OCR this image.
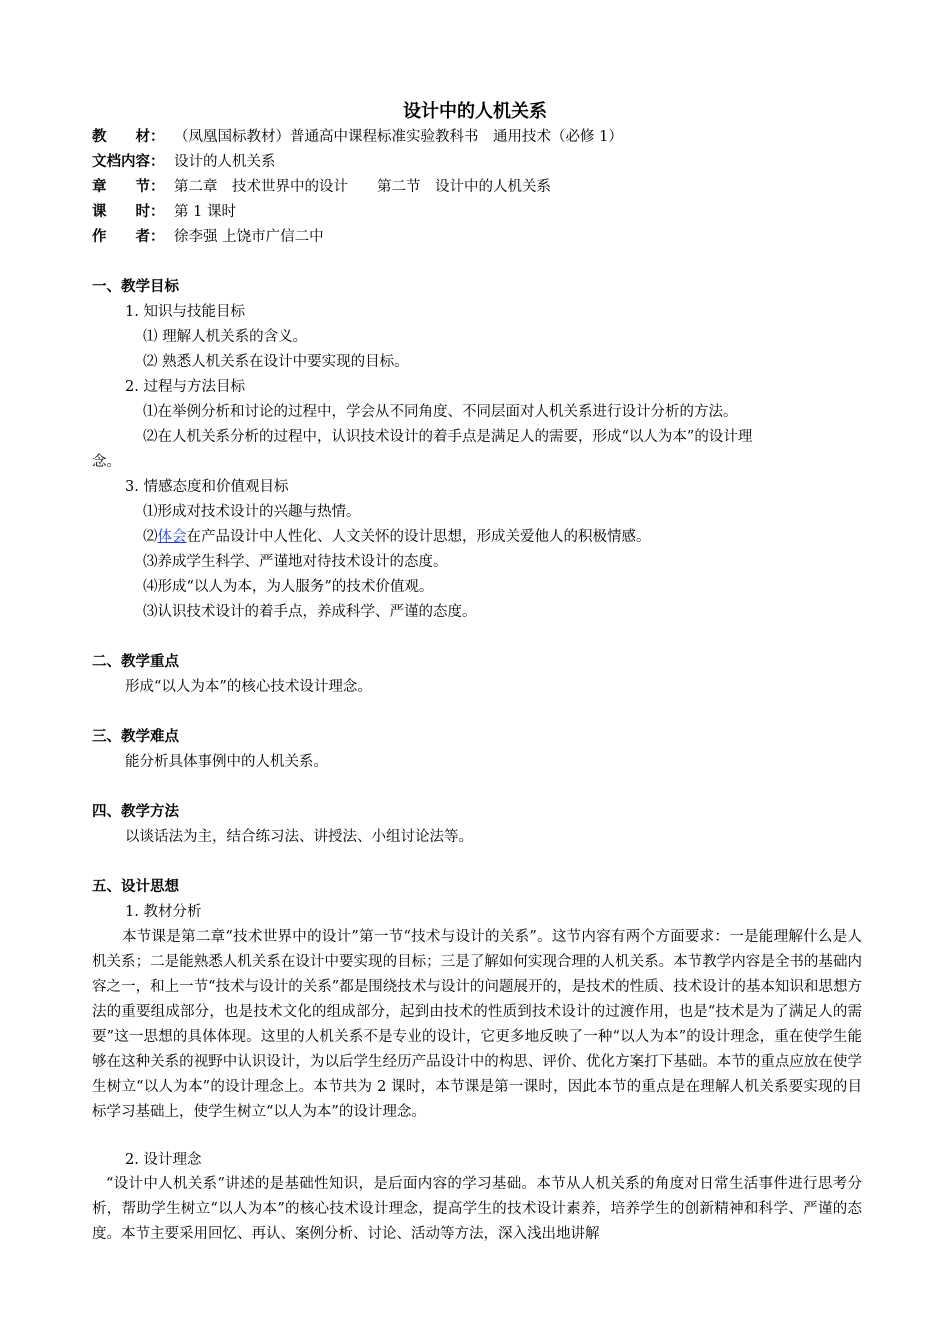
设计中的人机关系
教　　材： （凤凰国标教材）普通高中课程标准实验教科书　通用技术（必修 1）
文档内容： 设计的人机关系
章　　节： 第二章　技术世界中的设计　　第二节　设计中的人机关系
课　　时： 第 1 课时
作　　者： 徐李强 上饶市广信二中
一、教学目标
1. 知识与技能目标
⑴ 理解人机关系的含义。
⑵ 熟悉人机关系在设计中要实现的目标。
2. 过程与方法目标
⑴在举例分析和讨论的过程中，学会从不同角度、不同层面对人机关系进行设计分析的方法。
⑵在人机关系分析的过程中，认识技术设计的着手点是满足人的需要，形成“以人为本”的设计理
念。
3. 情感态度和价值观目标
⑴形成对技术设计的兴趣与热情。
⑵体会在产品设计中人性化、人文关怀的设计思想，形成关爱他人的积极情感。
⑶养成学生科学、严谨地对待技术设计的态度。
⑷形成“以人为本，为人服务”的技术价值观。
⑶认识技术设计的着手点，养成科学、严谨的态度。
二、教学重点
形成“以人为本”的核心技术设计理念。
三、教学难点
能分析具体事例中的人机关系。
四、教学方法
以谈话法为主，结合练习法、讲授法、小组讨论法等。
五、设计思想
1. 教材分析

本节课是第二章“技术世界中的设计”第一节“技术与设计的关系”。这节内容有两个方面要求：一是能理解什么是人机关系；二是能熟悉人机关系在设计中要实现的目标；三是了解如何实现合理的人机关系。本节教学内容是全书的基础内容之一，和上一节“技术与设计的关系”都是围绕技术与设计的问题展开的，是技术的性质、技术设计的基本知识和思想方法的重要组成部分，也是技术文化的组成部分，起到由技术的性质到技术设计的过渡作用，也是“技术是为了满足人的需要”这一思想的具体体现。这里的人机关系不是专业的设计，它更多地反映了一种“以人为本”的设计理念，重在使学生能够在这种关系的视野中认识设计，为以后学生经历产品设计中的构思、评价、优化方案打下基础。本节的重点应放在使学生树立“以人为本”的设计理念上。本节共为 2 课时，本节课是第一课时，因此本节的重点是在理解人机关系要实现的目标学习基础上，使学生树立“以人为本”的设计理念。

2. 设计理念

“设计中人机关系”讲述的是基础性知识，是后面内容的学习基础。本节从人机关系的角度对日常生活事件进行思考分析，帮助学生树立“以人为本”的核心技术设计理念，提高学生的技术设计素养，培养学生的创新精神和科学、严谨的态度。本节主要采用回忆、再认、案例分析、讨论、活动等方法，深入浅出地讲解
